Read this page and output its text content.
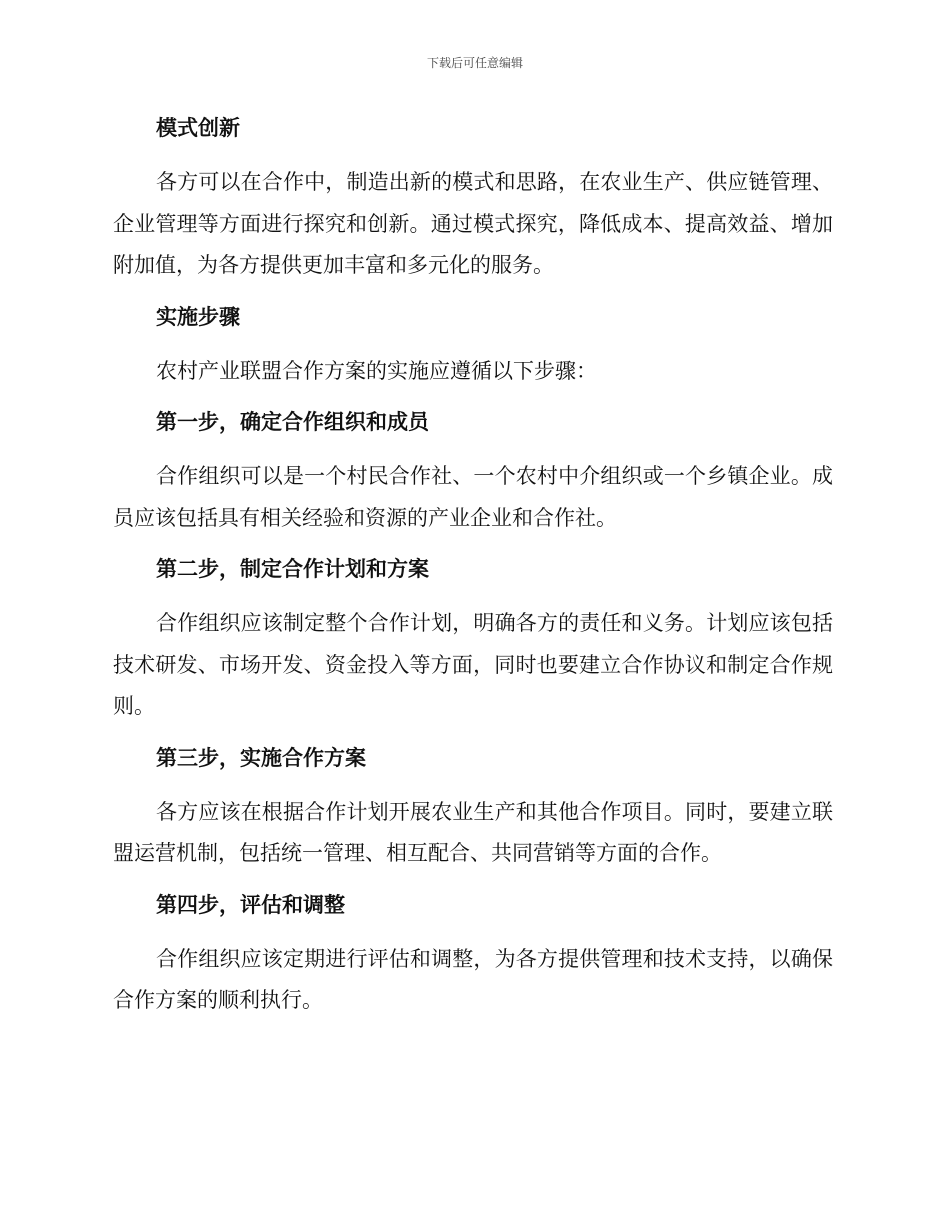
下载后可任意编辑
模式创新

各方可以在合作中，制造出新的模式和思路，在农业生产、供应链管理、企业管理等方面进行探究和创新。通过模式探究，降低成本、提高效益、增加附加值，为各方提供更加丰富和多元化的服务。

实施步骤

农村产业联盟合作方案的实施应遵循以下步骤：

第一步，确定合作组织和成员

合作组织可以是一个村民合作社、一个农村中介组织或一个乡镇企业。成员应该包括具有相关经验和资源的产业企业和合作社。

第二步，制定合作计划和方案

合作组织应该制定整个合作计划，明确各方的责任和义务。计划应该包括技术研发、市场开发、资金投入等方面，同时也要建立合作协议和制定合作规则。

第三步，实施合作方案

各方应该在根据合作计划开展农业生产和其他合作项目。同时，要建立联盟运营机制，包括统一管理、相互配合、共同营销等方面的合作。

第四步，评估和调整

合作组织应该定期进行评估和调整，为各方提供管理和技术支持，以确保合作方案的顺利执行。
